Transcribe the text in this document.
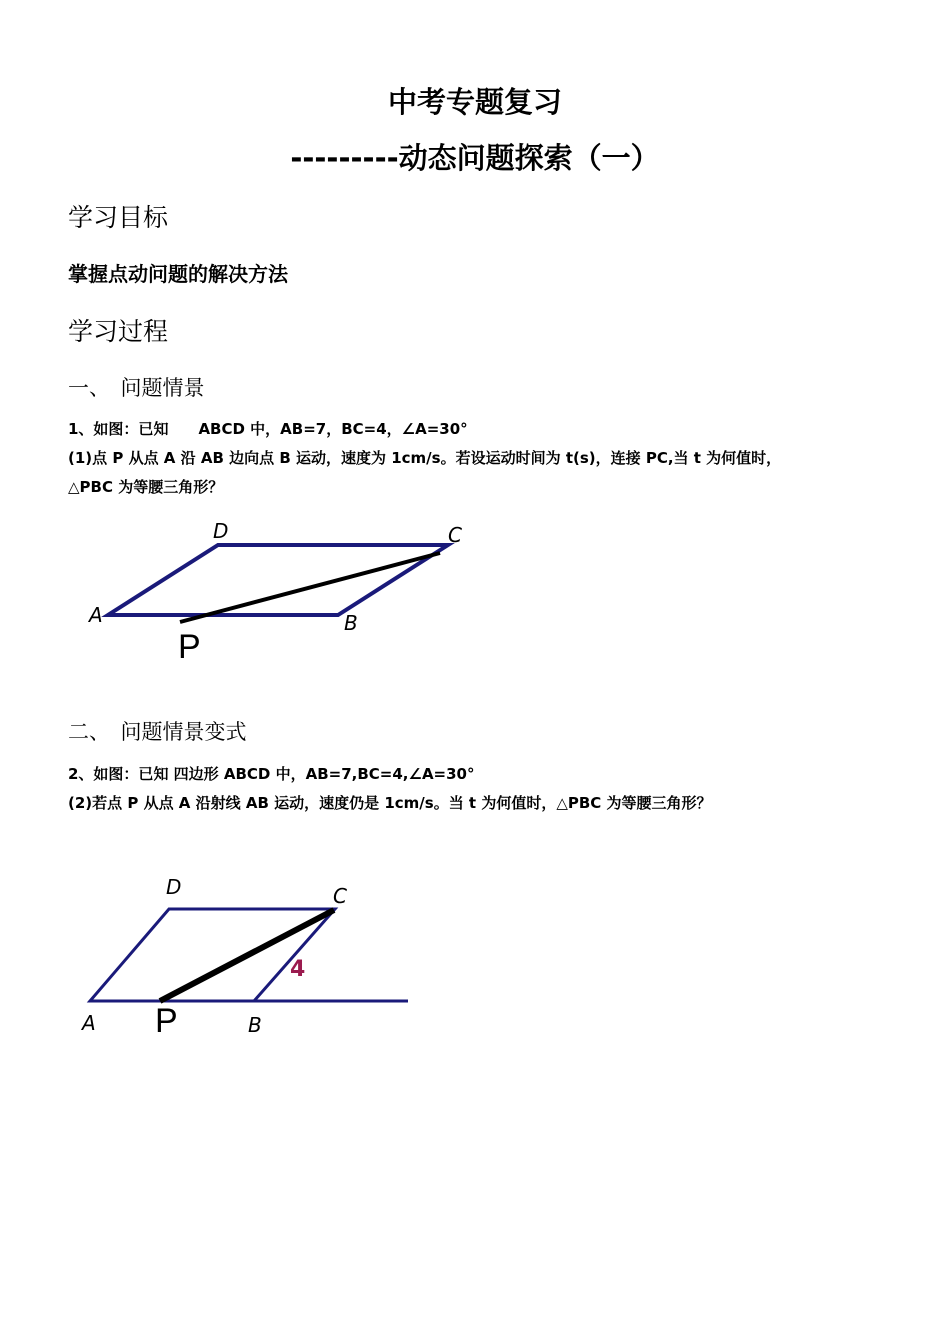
中考专题复习
---------动态问题探索（一）
学习目标
掌握点动问题的解决方法
学习过程
一、　问题情景
1、如图：已知　　ABCD 中，AB=7，BC=4，∠A=30°
(1)点 P 从点 A 沿 AB 边向点 B 运动，速度为 1cm/s。若设运动时间为 t(s)，连接 PC,当 t 为何值时，
△PBC 为等腰三角形？
D	C
A	B
P
二、　问题情景变式
2、如图：已知 四边形 ABCD 中，AB=7,BC=4,∠A=30°
(2)若点 P 从点 A 沿射线 AB 运动，速度仍是 1cm/s。当 t 为何值时，△PBC 为等腰三角形？
D	C
A	B
P
4
